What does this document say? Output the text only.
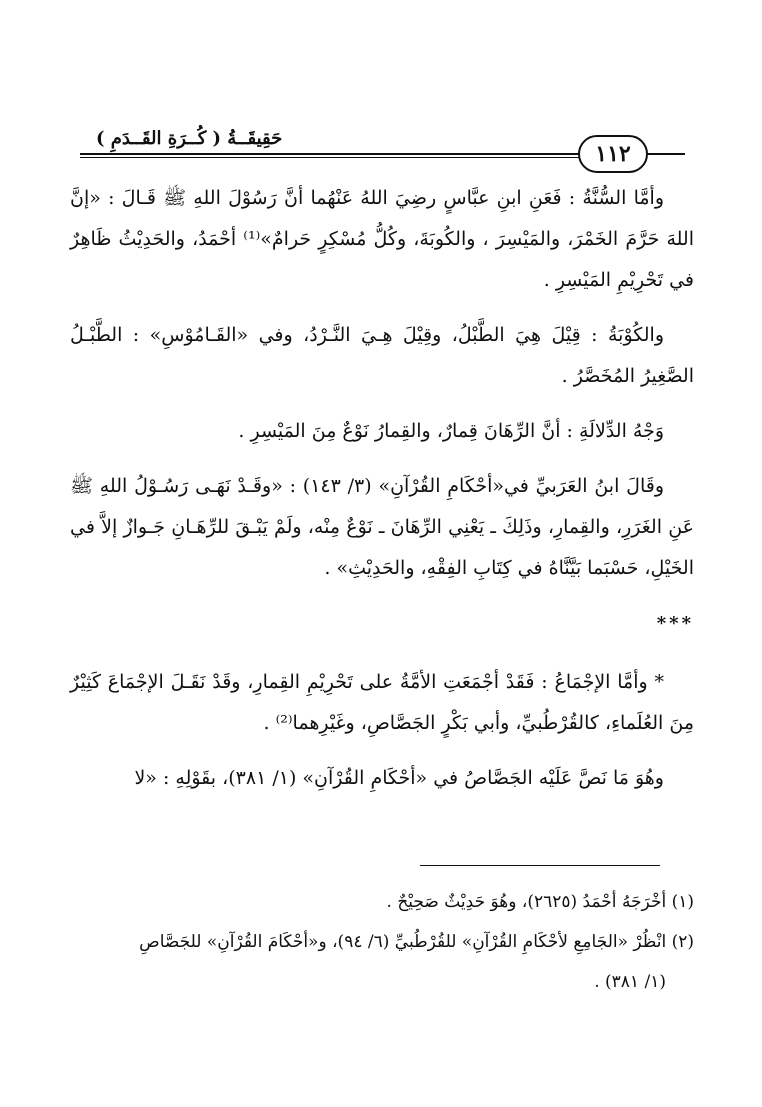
حَقِيقَــةُ ( كُــرَةِ القَــدَمِ )
١١٢

وأمَّا السُّنَّةُ : فَعَنِ ابنِ عبَّاسٍ رضِيَ اللهُ عَنْهُما أنَّ رَسُوْلَ اللهِ ﷺ قَـالَ : «إنَّ اللهَ حَرَّمَ الخَمْرَ، والمَيْسِرَ ، والكُوبَةَ، وكُلُّ مُسْكِرٍ حَرامٌ»⁽¹⁾ أحْمَدُ، والحَدِيْثُ ظَاهِرٌ في تَحْرِيْمِ المَيْسِرِ .

والكُوْبَةُ : قِيْلَ هِيَ الطَّبْلُ، وقِيْلَ هِـيَ النَّـرْدُ، وفي «القَـامُوْسِ» : الطَّبْـلُ الصَّغِيرُ المُخَصَّرُ .

وَجْهُ الدِّلالَةِ : أنَّ الرِّهَانَ قِمارٌ، والقِمارُ نَوْعٌ مِنَ المَيْسِرِ .

وقَالَ ابنُ العَرَبيِّ في«أحْكَامِ القُرْآنِ» (٣/ ١٤٣) : «وقَـدْ نَهَـى رَسُـوْلُ اللهِ ﷺ عَنِ الغَرَرِ، والقِمارِ، وذَلِكَ ـ يَعْنِي الرِّهَانَ ـ نَوْعٌ مِنْه، ولَمْ يَبْـقَ للرِّهَـانِ جَـوازٌ إلاَّ في الخَيْلِ، حَسْبَما بَيَّنَّاهُ في كِتَابِ الفِقْهِ، والحَدِيْثِ» .

***

* وأمَّا الإجْمَاعُ : فَقَدْ أجْمَعَتِ الأمَّةُ على تَحْرِيْمِ القِمارِ، وقَدْ نَقَـلَ الإجْمَاعَ كَثِيْرٌ مِنَ العُلَماءِ، كالقُرْطُبيِّ، وأبي بَكْرٍ الجَصَّاصِ، وغَيْرِهما⁽²⁾ .

وهُوَ مَا نَصَّ عَلَيْه الجَصَّاصُ في «أحْكَامِ القُرْآنِ» (١/ ٣٨١)، بقَوْلِهِ : «لا

(١) أخْرَجَهُ أحْمَدُ (٢٦٢٥)، وهُوَ حَدِيْثٌ صَحِيْحٌ .

(٢) انْظُرْ «الجَامِعِ لأحْكَامِ القُرْآنِ» للقُرْطُبيِّ (٦/ ٩٤)، و«أحْكَامَ القُرْآنِ» للجَصَّاصِ

(١/ ٣٨١) .
